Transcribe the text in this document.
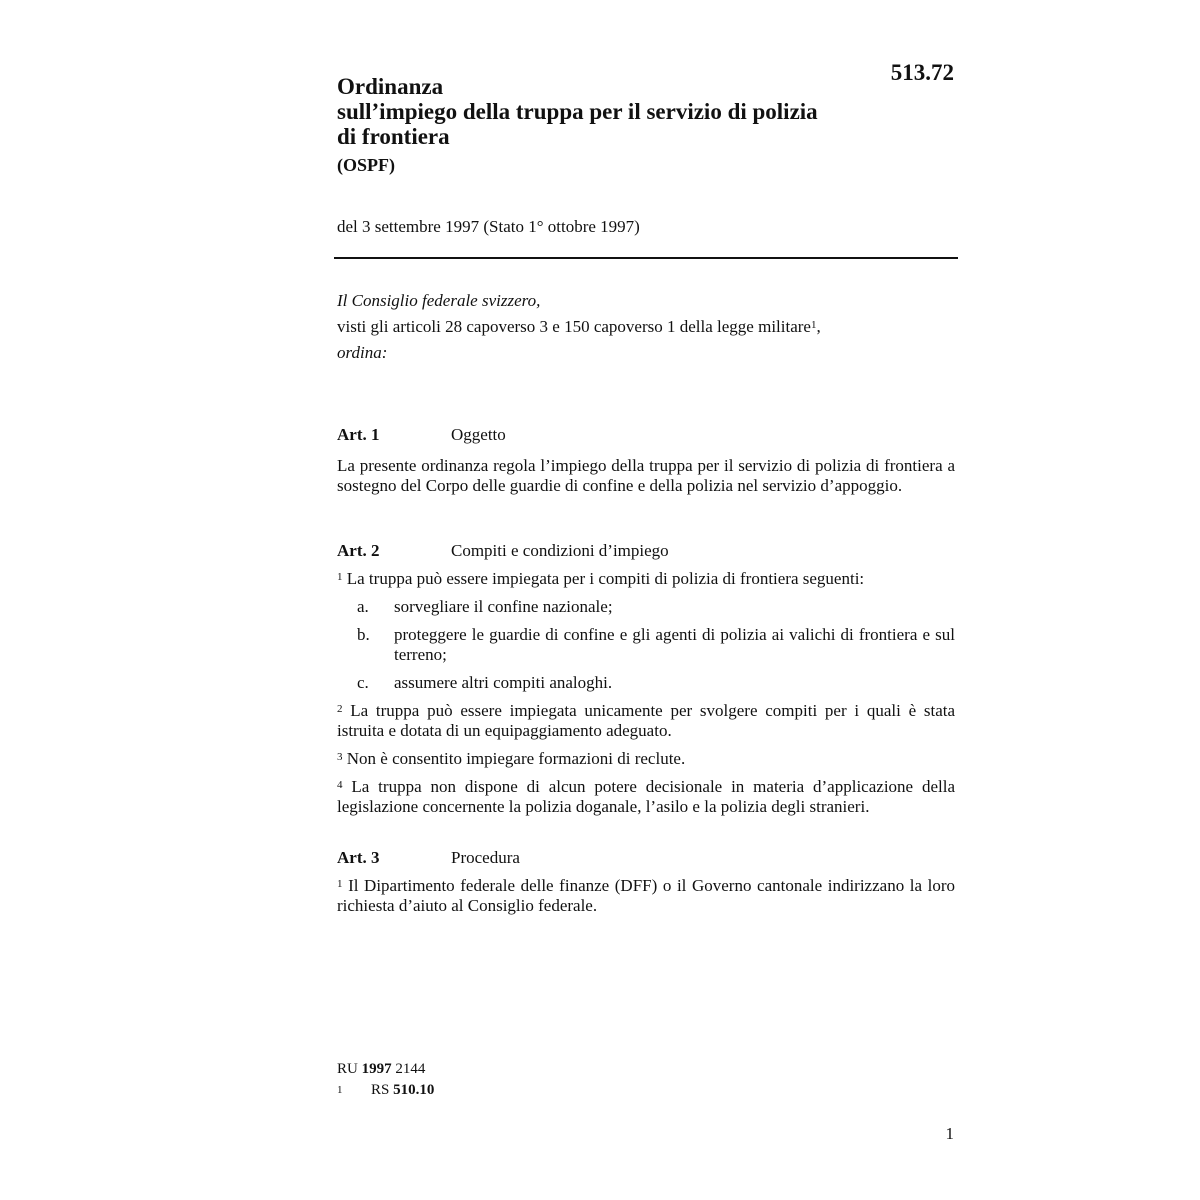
513.72
Ordinanza
sull’impiego della truppa per il servizio di polizia
di frontiera
(OSPF)
del 3 settembre 1997 (Stato 1° ottobre 1997)
Il Consiglio federale svizzero,
visti gli articoli 28 capoverso 3 e 150 capoverso 1 della legge militare$^1$,
ordina:
Art. 1	Oggetto

La presente ordinanza regola l’impiego della truppa per il servizio di polizia di frontiera a sostegno del Corpo delle guardie di confine e della polizia nel servizio d’appoggio.

Art. 2	Compiti e condizioni d’impiego

$^1$ La truppa può essere impiegata per i compiti di polizia di frontiera seguenti:

a.	sorvegliare il confine nazionale;
b.	proteggere le guardie di confine e gli agenti di polizia ai valichi di frontiera e sul terreno;
c.	assumere altri compiti analoghi.

$^2$ La truppa può essere impiegata unicamente per svolgere compiti per i quali è stata istruita e dotata di un equipaggiamento adeguato.

$^3$ Non è consentito impiegare formazioni di reclute.

$^4$ La truppa non dispone di alcun potere decisionale in materia d’applicazione della legislazione concernente la polizia doganale, l’asilo e la polizia degli stranieri.

Art. 3	Procedura

$^1$ Il Dipartimento federale delle finanze (DFF) o il Governo cantonale indirizzano la loro richiesta d’aiuto al Consiglio federale.

RU 1997 2144
1 RS 510.10
1
